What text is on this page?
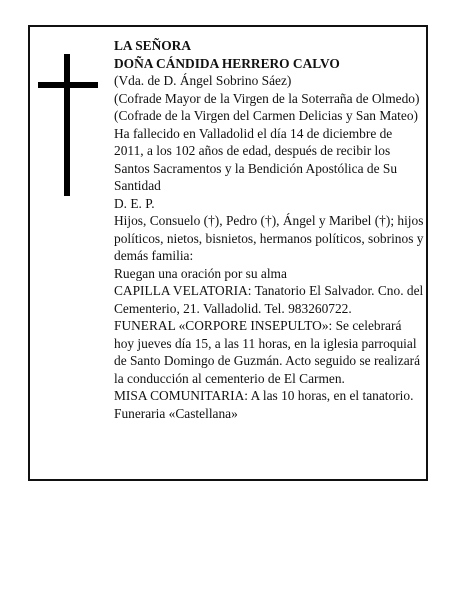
LA SEÑORA

DOÑA CÁNDIDA HERRERO CALVO

(Vda. de D. Ángel Sobrino Sáez)

(Cofrade Mayor de la Virgen de la Soterraña de Olmedo)

(Cofrade de la Virgen del Carmen Delicias y San Mateo)

Ha fallecido en Valladolid el día 14 de diciembre de 2011, a los 102 años de edad, después de recibir los Santos Sacramentos y la Bendición Apostólica de Su Santidad

D. E. P.

Hijos, Consuelo (†), Pedro (†), Ángel y Maribel (†); hijos políticos, nietos, bisnietos, hermanos políticos, sobrinos y demás familia:

Ruegan una oración por su alma

CAPILLA VELATORIA: Tanatorio El Salvador. Cno. del Cementerio, 21. Valladolid. Tel. 983260722.

FUNERAL «CORPORE INSEPULTO»: Se celebrará hoy jueves día 15, a las 11 horas, en la iglesia parroquial de Santo Domingo de Guzmán. Acto seguido se realizará la conducción al cementerio de El Carmen.

MISA COMUNITARIA: A las 10 horas, en el tanatorio.

Funeraria «Castellana»
